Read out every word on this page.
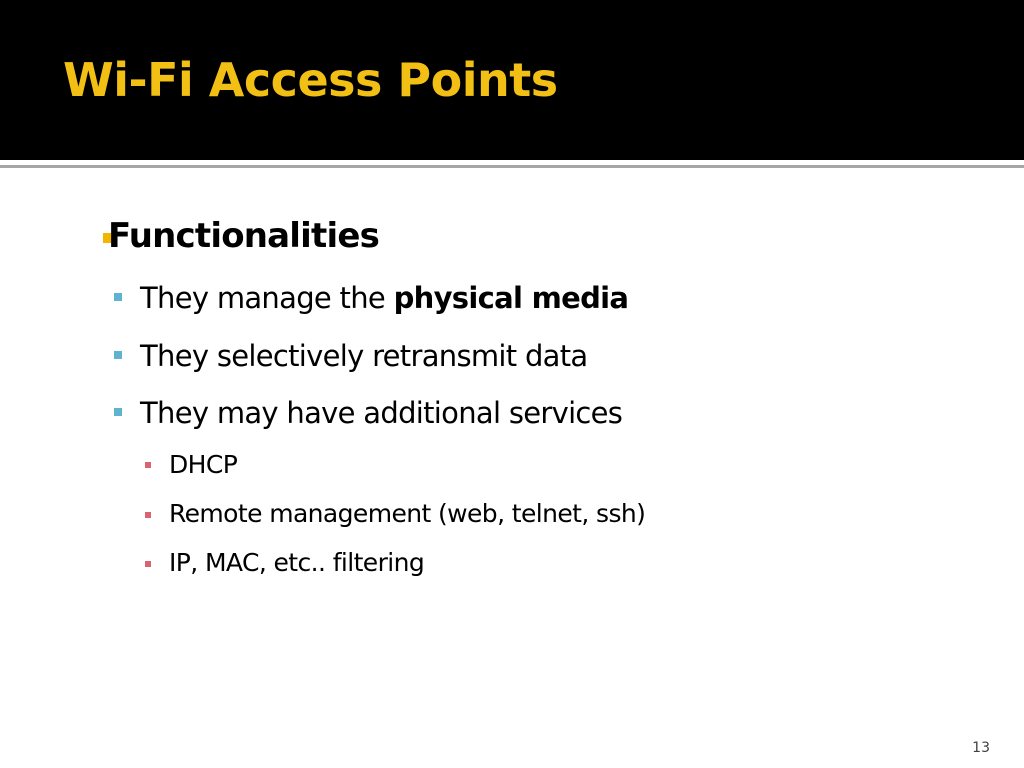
Wi-Fi Access Points
Functionalities
They manage the physical media
They selectively retransmit data
They may have additional services
DHCP
Remote management (web, telnet, ssh)
IP, MAC, etc.. filtering
13
